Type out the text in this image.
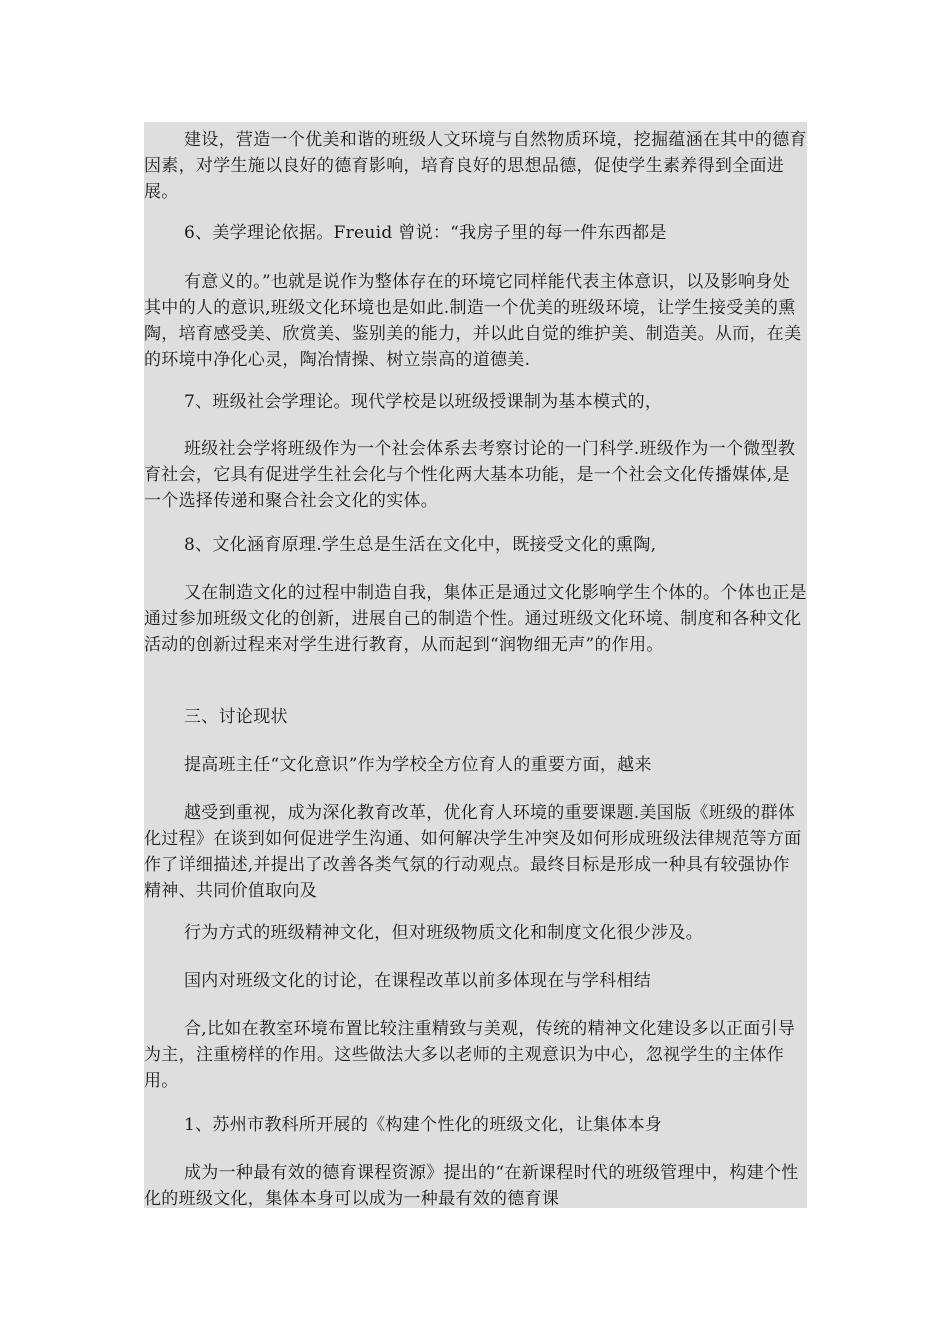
建设，营造一个优美和谐的班级人文环境与自然物质环境，挖掘蕴涵在其中的德育因素，对学生施以良好的德育影响，培育良好的思想品德，促使学生素养得到全面进展。

6、美学理论依据。Freuid 曾说：“我房子里的每一件东西都是

有意义的。”也就是说作为整体存在的环境它同样能代表主体意识，以及影响身处其中的人的意识,班级文化环境也是如此.制造一个优美的班级环境，让学生接受美的熏陶，培育感受美、欣赏美、鉴别美的能力，并以此自觉的维护美、制造美。从而，在美的环境中净化心灵，陶冶情操、树立崇高的道德美.

7、班级社会学理论。现代学校是以班级授课制为基本模式的，

班级社会学将班级作为一个社会体系去考察讨论的一门科学.班级作为一个微型教育社会，它具有促进学生社会化与个性化两大基本功能，是一个社会文化传播媒体,是一个选择传递和聚合社会文化的实体。

8、文化涵育原理.学生总是生活在文化中，既接受文化的熏陶,

又在制造文化的过程中制造自我，集体正是通过文化影响学生个体的。个体也正是通过参加班级文化的创新，进展自己的制造个性。通过班级文化环境、制度和各种文化活动的创新过程来对学生进行教育，从而起到“润物细无声”的作用。

三、讨论现状

提高班主任“文化意识”作为学校全方位育人的重要方面，越来

越受到重视，成为深化教育改革，优化育人环境的重要课题.美国版《班级的群体化过程》在谈到如何促进学生沟通、如何解决学生冲突及如何形成班级法律规范等方面作了详细描述,并提出了改善各类气氛的行动观点。最终目标是形成一种具有较强协作精神、共同价值取向及

行为方式的班级精神文化，但对班级物质文化和制度文化很少涉及。

国内对班级文化的讨论，在课程改革以前多体现在与学科相结

合,比如在教室环境布置比较注重精致与美观，传统的精神文化建设多以正面引导为主，注重榜样的作用。这些做法大多以老师的主观意识为中心，忽视学生的主体作用。

1、苏州市教科所开展的《构建个性化的班级文化，让集体本身

成为一种最有效的德育课程资源》提出的“在新课程时代的班级管理中，构建个性化的班级文化，集体本身可以成为一种最有效的德育课
